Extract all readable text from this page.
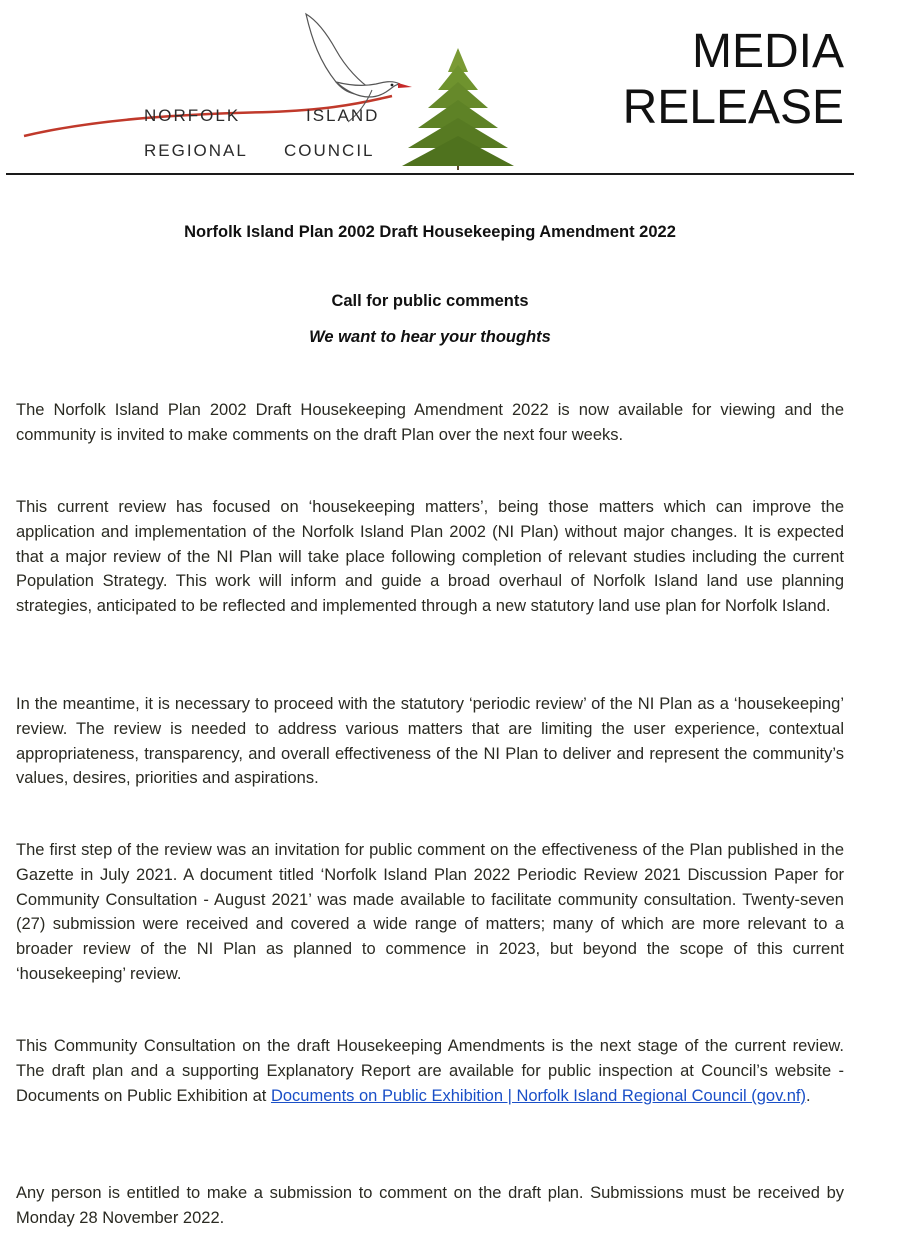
NORFOLK	ISLAND
REGIONAL COUNCIL
MEDIA
RELEASE
Norfolk Island Plan 2002 Draft Housekeeping Amendment 2022
Call for public comments
We want to hear your thoughts

The Norfolk Island Plan 2002 Draft Housekeeping Amendment 2022 is now available for viewing and the community is invited to make comments on the draft Plan over the next four weeks.

This current review has focused on ‘housekeeping matters’, being those matters which can improve the application and implementation of the Norfolk Island Plan 2002 (NI Plan) without major changes. It is expected that a major review of the NI Plan will take place following completion of relevant studies including the current Population Strategy. This work will inform and guide a broad overhaul of Norfolk Island land use planning strategies, anticipated to be reflected and implemented through a new statutory land use plan for Norfolk Island.

In the meantime, it is necessary to proceed with the statutory ‘periodic review’ of the NI Plan as a ‘housekeeping’ review. The review is needed to address various matters that are limiting the user experience, contextual appropriateness, transparency, and overall effectiveness of the NI Plan to deliver and represent the community’s values, desires, priorities and aspirations.

The first step of the review was an invitation for public comment on the effectiveness of the Plan published in the Gazette in July 2021. A document titled ‘Norfolk Island Plan 2022 Periodic Review 2021 Discussion Paper for Community Consultation - August 2021’ was made available to facilitate community consultation. Twenty-seven (27) submission were received and covered a wide range of matters; many of which are more relevant to a broader review of the NI Plan as planned to commence in 2023, but beyond the scope of this current ‘housekeeping’ review.

This Community Consultation on the draft Housekeeping Amendments is the next stage of the current review. The draft plan and a supporting Explanatory Report are available for public inspection at Council’s website - Documents on Public Exhibition at Documents on Public Exhibition | Norfolk Island Regional Council (gov.nf).

Any person is entitled to make a submission to comment on the draft plan. Submissions must be received by Monday 28 November 2022.
